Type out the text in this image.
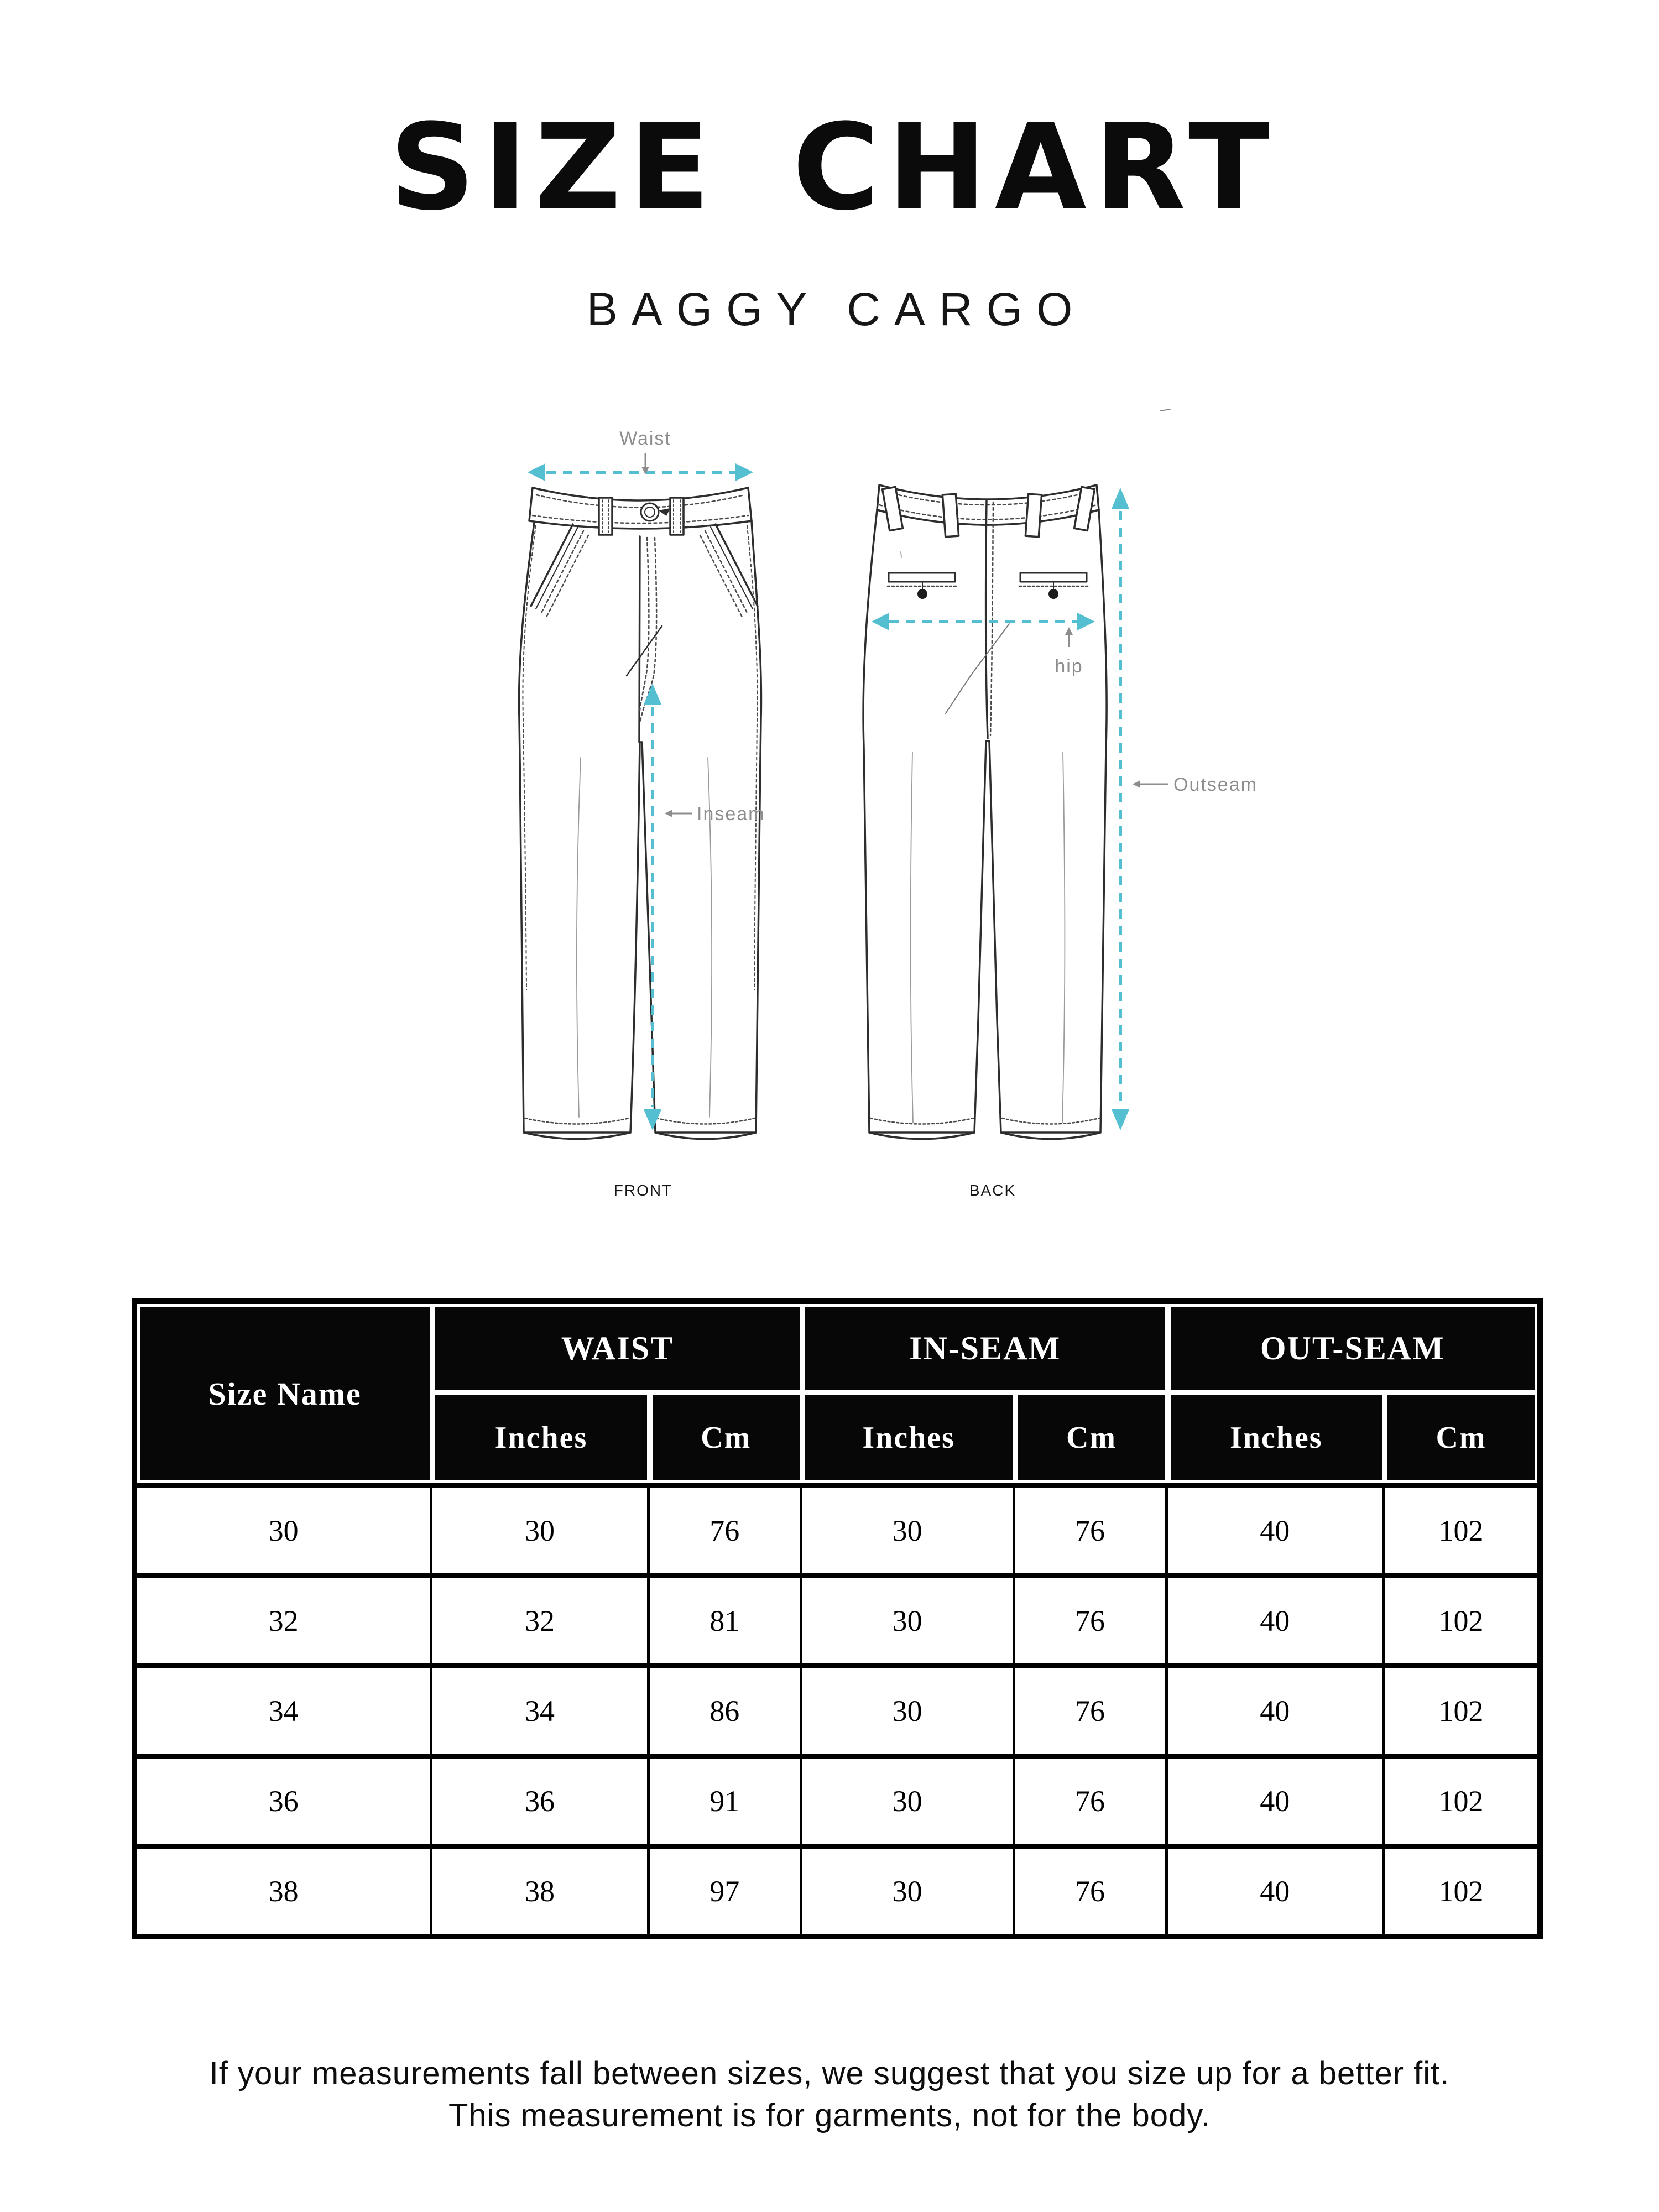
SIZE CHART
BAGGY CARGO
Waist
Inseam
hip
Outseam
FRONT	BACK
Size Name	WAIST		IN-SEAM		OUT-SEAM	
	Inches	Cm	Inches	Cm	Inches	Cm
30	30	76	30	76	40	102
32	32	81	30	76	40	102
34	34	86	30	76	40	102
36	36	91	30	76	40	102
38	38	97	30	76	40	102
If your measurements fall between sizes, we suggest that you size up for a better fit.
This measurement is for garments, not for the body.
